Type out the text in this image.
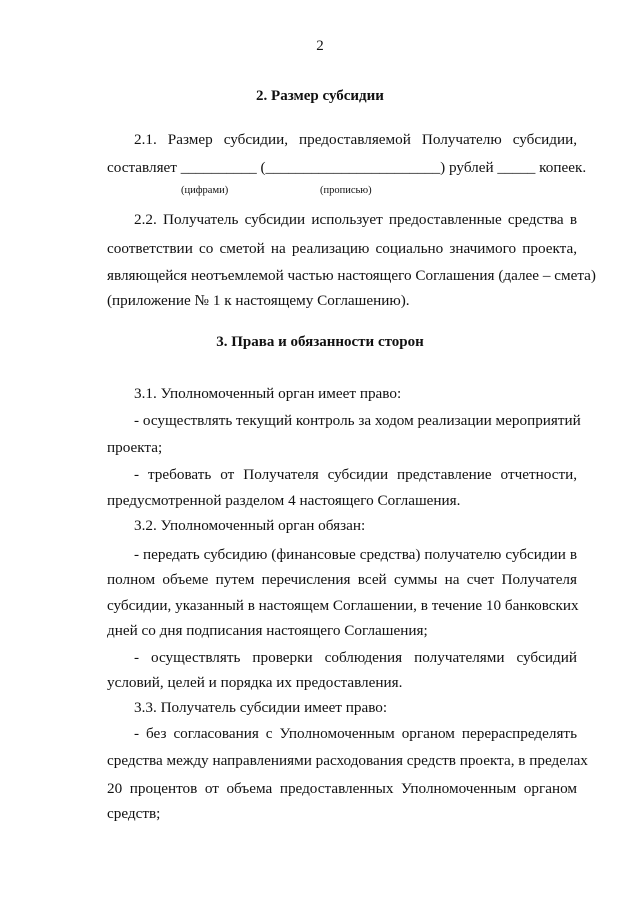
2
2. Размер субсидии
2.1. Размер субсидии, предоставляемой Получателю субсидии,
составляет __________ (_______________________) рублей _____ копеек.
(цифрами)	(прописью)
2.2. Получатель субсидии использует предоставленные средства в
соответствии со сметой на реализацию социально значимого проекта,
являющейся неотъемлемой частью настоящего Соглашения (далее – смета)
(приложение № 1 к настоящему Соглашению).
3. Права и обязанности сторон
3.1. Уполномоченный орган имеет право:
- осуществлять текущий контроль за ходом реализации мероприятий
проекта;
- требовать от Получателя субсидии представление отчетности,
предусмотренной разделом 4 настоящего Соглашения.
3.2. Уполномоченный орган обязан:
- передать субсидию (финансовые средства) получателю субсидии в
полном объеме путем перечисления всей суммы на счет Получателя
субсидии, указанный в настоящем Соглашении, в течение 10 банковских
дней со дня подписания настоящего Соглашения;
- осуществлять проверки соблюдения получателями субсидий
условий, целей и порядка их предоставления.
3.3. Получатель субсидии имеет право:
- без согласования с Уполномоченным органом перераспределять
средства между направлениями расходования средств проекта, в пределах
20 процентов от объема предоставленных Уполномоченным органом
средств;
